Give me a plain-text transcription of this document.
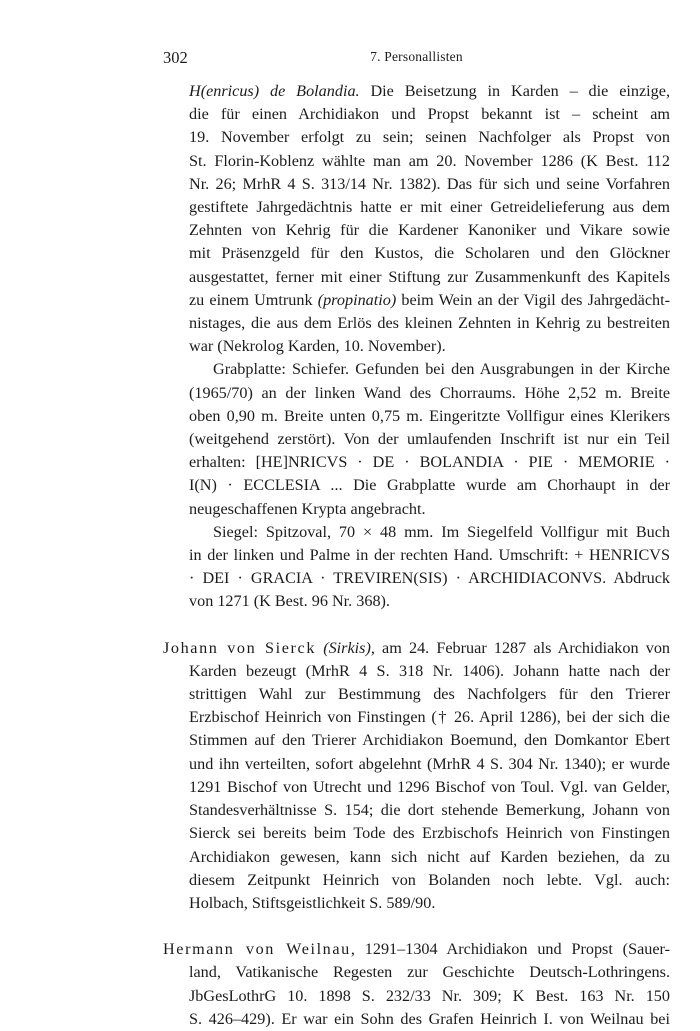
302	7. Personallisten
H(enricus) de Bolandia. Die Beisetzung in Karden – die einzige,
die für einen Archidiakon und Propst bekannt ist – scheint am
19. November erfolgt zu sein; seinen Nachfolger als Propst von
St. Florin-Koblenz wählte man am 20. November 1286 (K Best. 112
Nr. 26; MrhR 4 S. 313/14 Nr. 1382). Das für sich und seine Vorfahren
gestiftete Jahrgedächtnis hatte er mit einer Getreidelieferung aus dem
Zehnten von Kehrig für die Kardener Kanoniker und Vikare sowie
mit Präsenzgeld für den Kustos, die Scholaren und den Glöckner
ausgestattet, ferner mit einer Stiftung zur Zusammenkunft des Kapitels
zu einem Umtrunk (propinatio) beim Wein an der Vigil des Jahrgedächt-
nistages, die aus dem Erlös des kleinen Zehnten in Kehrig zu bestreiten
war (Nekrolog Karden, 10. November).
Grabplatte: Schiefer. Gefunden bei den Ausgrabungen in der Kirche
(1965/70) an der linken Wand des Chorraums. Höhe 2,52 m. Breite
oben 0,90 m. Breite unten 0,75 m. Eingeritzte Vollfigur eines Klerikers
(weitgehend zerstört). Von der umlaufenden Inschrift ist nur ein Teil
erhalten: [HE]NRICVS · DE · BOLANDIA · PIE · MEMORIE ·
I(N) · ECCLESIA ... Die Grabplatte wurde am Chorhaupt in der
neugeschaffenen Krypta angebracht.
Siegel: Spitzoval, 70 × 48 mm. Im Siegelfeld Vollfigur mit Buch
in der linken und Palme in der rechten Hand. Umschrift: + HENRICVS
· DEI · GRACIA · TREVIREN(SIS) · ARCHIDIACONVS. Abdruck
von 1271 (K Best. 96 Nr. 368).
Johann von Sierck (Sirkis), am 24. Februar 1287 als Archidiakon von
Karden bezeugt (MrhR 4 S. 318 Nr. 1406). Johann hatte nach der
strittigen Wahl zur Bestimmung des Nachfolgers für den Trierer
Erzbischof Heinrich von Finstingen († 26. April 1286), bei der sich die
Stimmen auf den Trierer Archidiakon Boemund, den Domkantor Ebert
und ihn verteilten, sofort abgelehnt (MrhR 4 S. 304 Nr. 1340); er wurde
1291 Bischof von Utrecht und 1296 Bischof von Toul. Vgl. van Gelder,
Standesverhältnisse S. 154; die dort stehende Bemerkung, Johann von
Sierck sei bereits beim Tode des Erzbischofs Heinrich von Finstingen
Archidiakon gewesen, kann sich nicht auf Karden beziehen, da zu
diesem Zeitpunkt Heinrich von Bolanden noch lebte. Vgl. auch:
Holbach, Stiftsgeistlichkeit S. 589/90.
Hermann von Weilnau, 1291–1304 Archidiakon und Propst (Sauer-
land, Vatikanische Regesten zur Geschichte Deutsch-Lothringens.
JbGesLothrG 10. 1898 S. 232/33 Nr. 309; K Best. 163 Nr. 150
S. 426–429). Er war ein Sohn des Grafen Heinrich I. von Weilnau bei
